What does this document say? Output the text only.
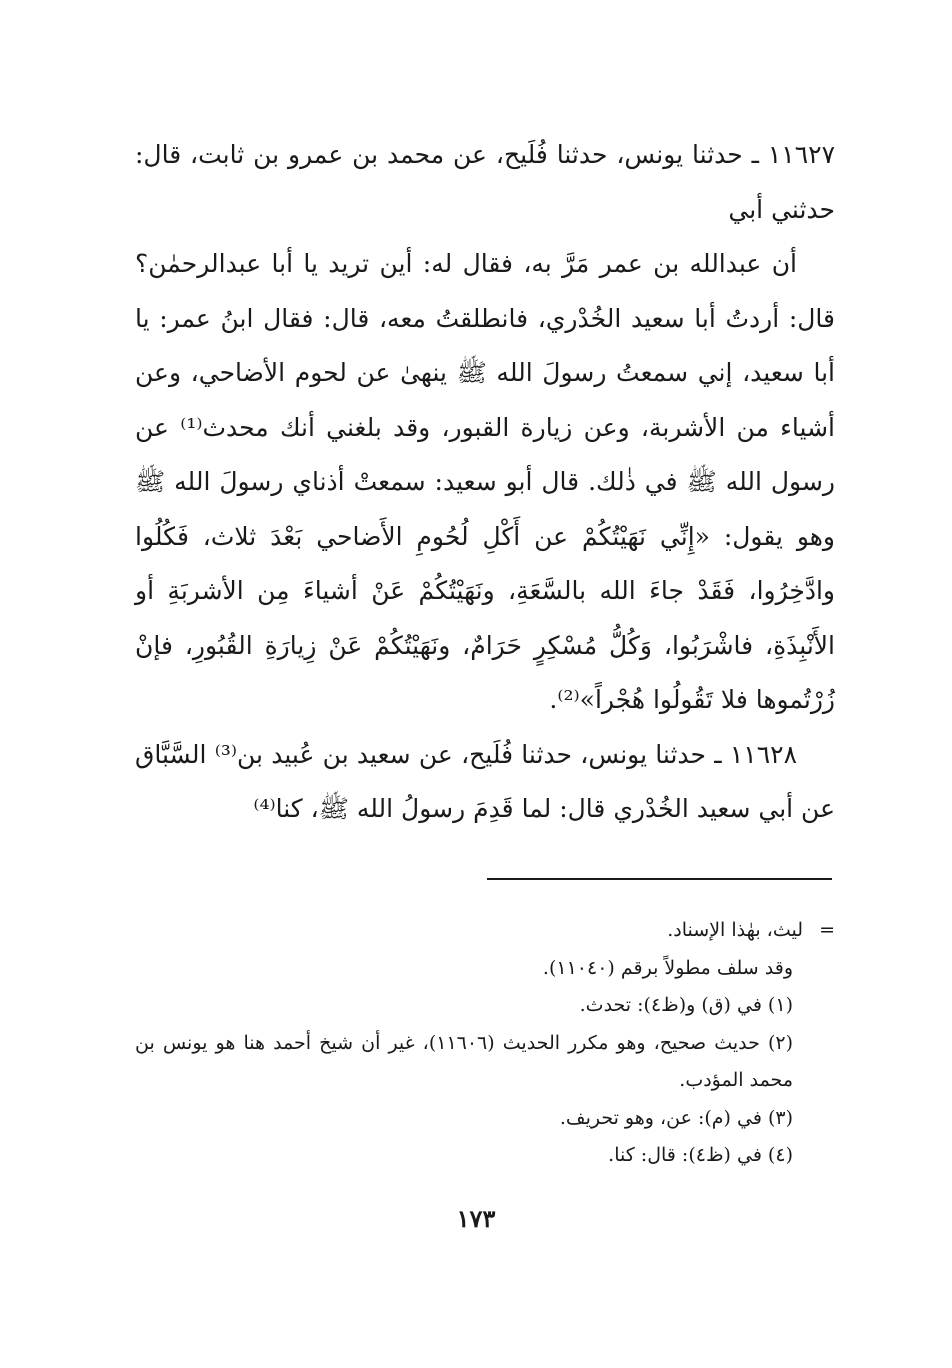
١١٦٢٧ ـ حدثنا يونس، حدثنا فُلَيح، عن محمد بن عمرو بن ثابت، قال: حدثني أبي

أن عبدالله بن عمر مَرَّ به، فقال له: أين تريد يا أبا عبدالرحمٰن؟ قال: أردتُ أبا سعيد الخُدْري، فانطلقتُ معه، قال: فقال ابنُ عمر: يا أبا سعيد، إني سمعتُ رسولَ الله ﷺ ينهىٰ عن لحوم الأضاحي، وعن أشياء من الأشربة، وعن زيارة القبور، وقد بلغني أنك محدث⁽¹⁾ عن رسول الله ﷺ في ذٰلك. قال أبو سعيد: سمعتْ أذناي رسولَ الله ﷺ وهو يقول: «إِنِّي نَهَيْتُكُمْ عن أَكْلِ لُحُومِ الأَضاحي بَعْدَ ثلاث، فَكُلُوا وادَّخِرُوا، فَقَدْ جاءَ الله بالسَّعَةِ، ونَهَيْتُكُمْ عَنْ أشياءَ مِن الأشربَةِ أو الأَنْبِذَةِ، فاشْرَبُوا، وَكُلُّ مُسْكِرٍ حَرَامٌ، ونَهَيْتُكُمْ عَنْ زِيارَةِ القُبُورِ، فإنْ زُرْتُموها فلا تَقُولُوا هُجْراً»⁽²⁾.

١١٦٢٨ ـ حدثنا يونس، حدثنا فُلَيح، عن سعيد بن عُبيد بن⁽³⁾ السَّبَّاق عن أبي سعيد الخُدْري قال: لما قَدِمَ رسولُ الله ﷺ، كنا⁽⁴⁾

=ليث، بهٰذا الإسناد.

وقد سلف مطولاً برقم (١١٠٤٠).

(١) في (ق) و(ظ٤): تحدث.

(٢) حديث صحيح، وهو مكرر الحديث (١١٦٠٦)، غير أن شيخ أحمد هنا هو يونس بن محمد المؤدب.

(٣) في (م): عن، وهو تحريف.

(٤) في (ظ٤): قال: كنا.

١٧٣
